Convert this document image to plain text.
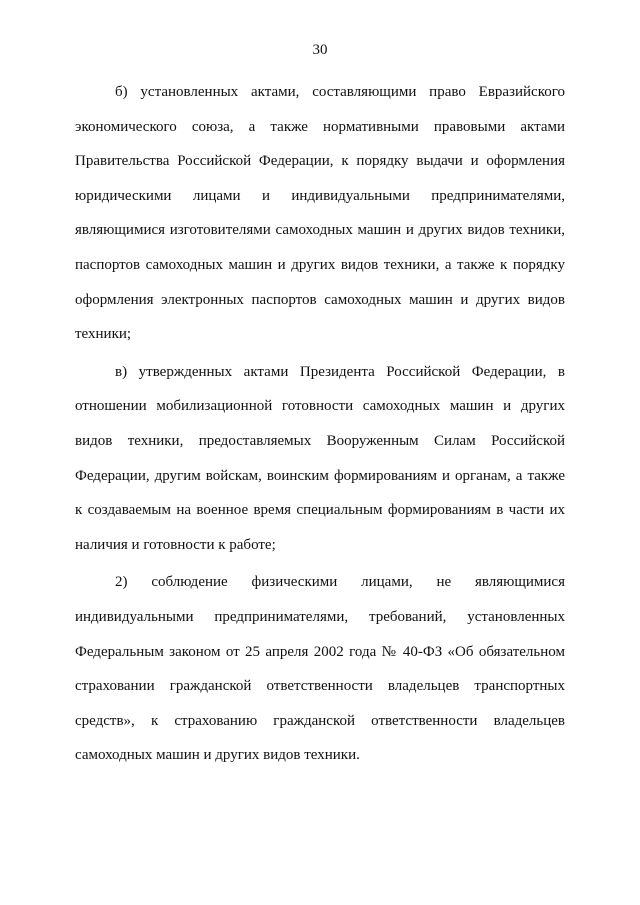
30

б) установленных актами, составляющими право Евразийского экономического союза, а также нормативными правовыми актами Правительства Российской Федерации, к порядку выдачи и оформления юридическими лицами и индивидуальными предпринимателями, являющимися изготовителями самоходных машин и других видов техники, паспортов самоходных машин и других видов техники, а также к порядку оформления электронных паспортов самоходных машин и других видов техники;

в) утвержденных актами Президента Российской Федерации, в отношении мобилизационной готовности самоходных машин и других видов техники, предоставляемых Вооруженным Силам Российской Федерации, другим войскам, воинским формированиям и органам, а также к создаваемым на военное время специальным формированиям в части их наличия и готовности к работе;

2) соблюдение физическими лицами, не являющимися индивидуальными предпринимателями, требований, установленных Федеральным законом от 25 апреля 2002 года № 40-ФЗ «Об обязательном страховании гражданской ответственности владельцев транспортных средств», к страхованию гражданской ответственности владельцев самоходных машин и других видов техники.
